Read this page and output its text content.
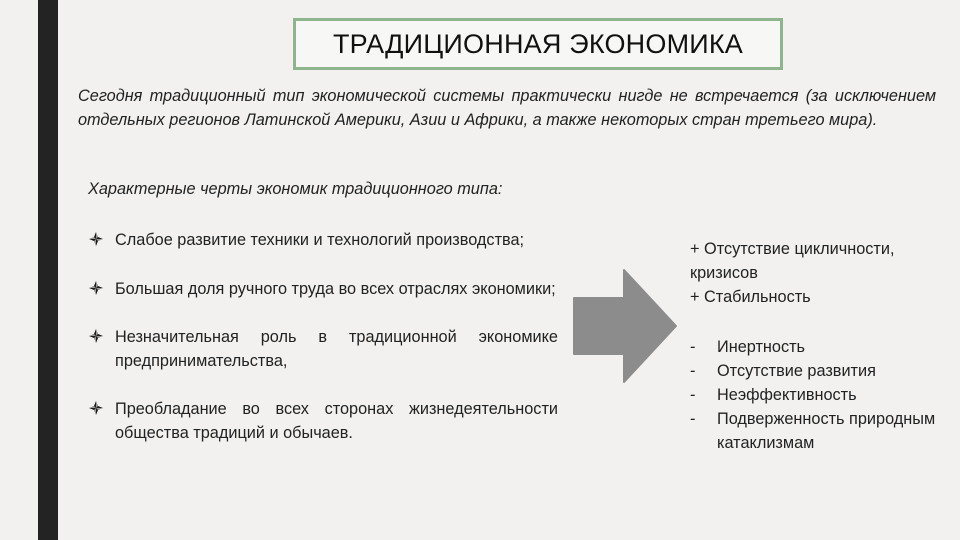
ТРАДИЦИОННАЯ ЭКОНОМИКА
Сегодня традиционный тип экономической системы практически нигде не встречается (за исключением отдельных регионов Латинской Америки, Азии и Африки, а также некоторых стран третьего мира).
Характерные черты экономик традиционного типа:
Слабое развитие техники и технологий производства;
Большая доля ручного труда во всех отраслях экономики;
Незначительная роль в традиционной экономике предпринимательства,
Преобладание во всех сторонах жизнедеятельности общества традиций и обычаев.
+ Отсутствие цикличности, кризисов
+ Стабильность
- Инертность
- Отсутствие развития
- Неэффективность
- Подверженность природным катаклизмам
